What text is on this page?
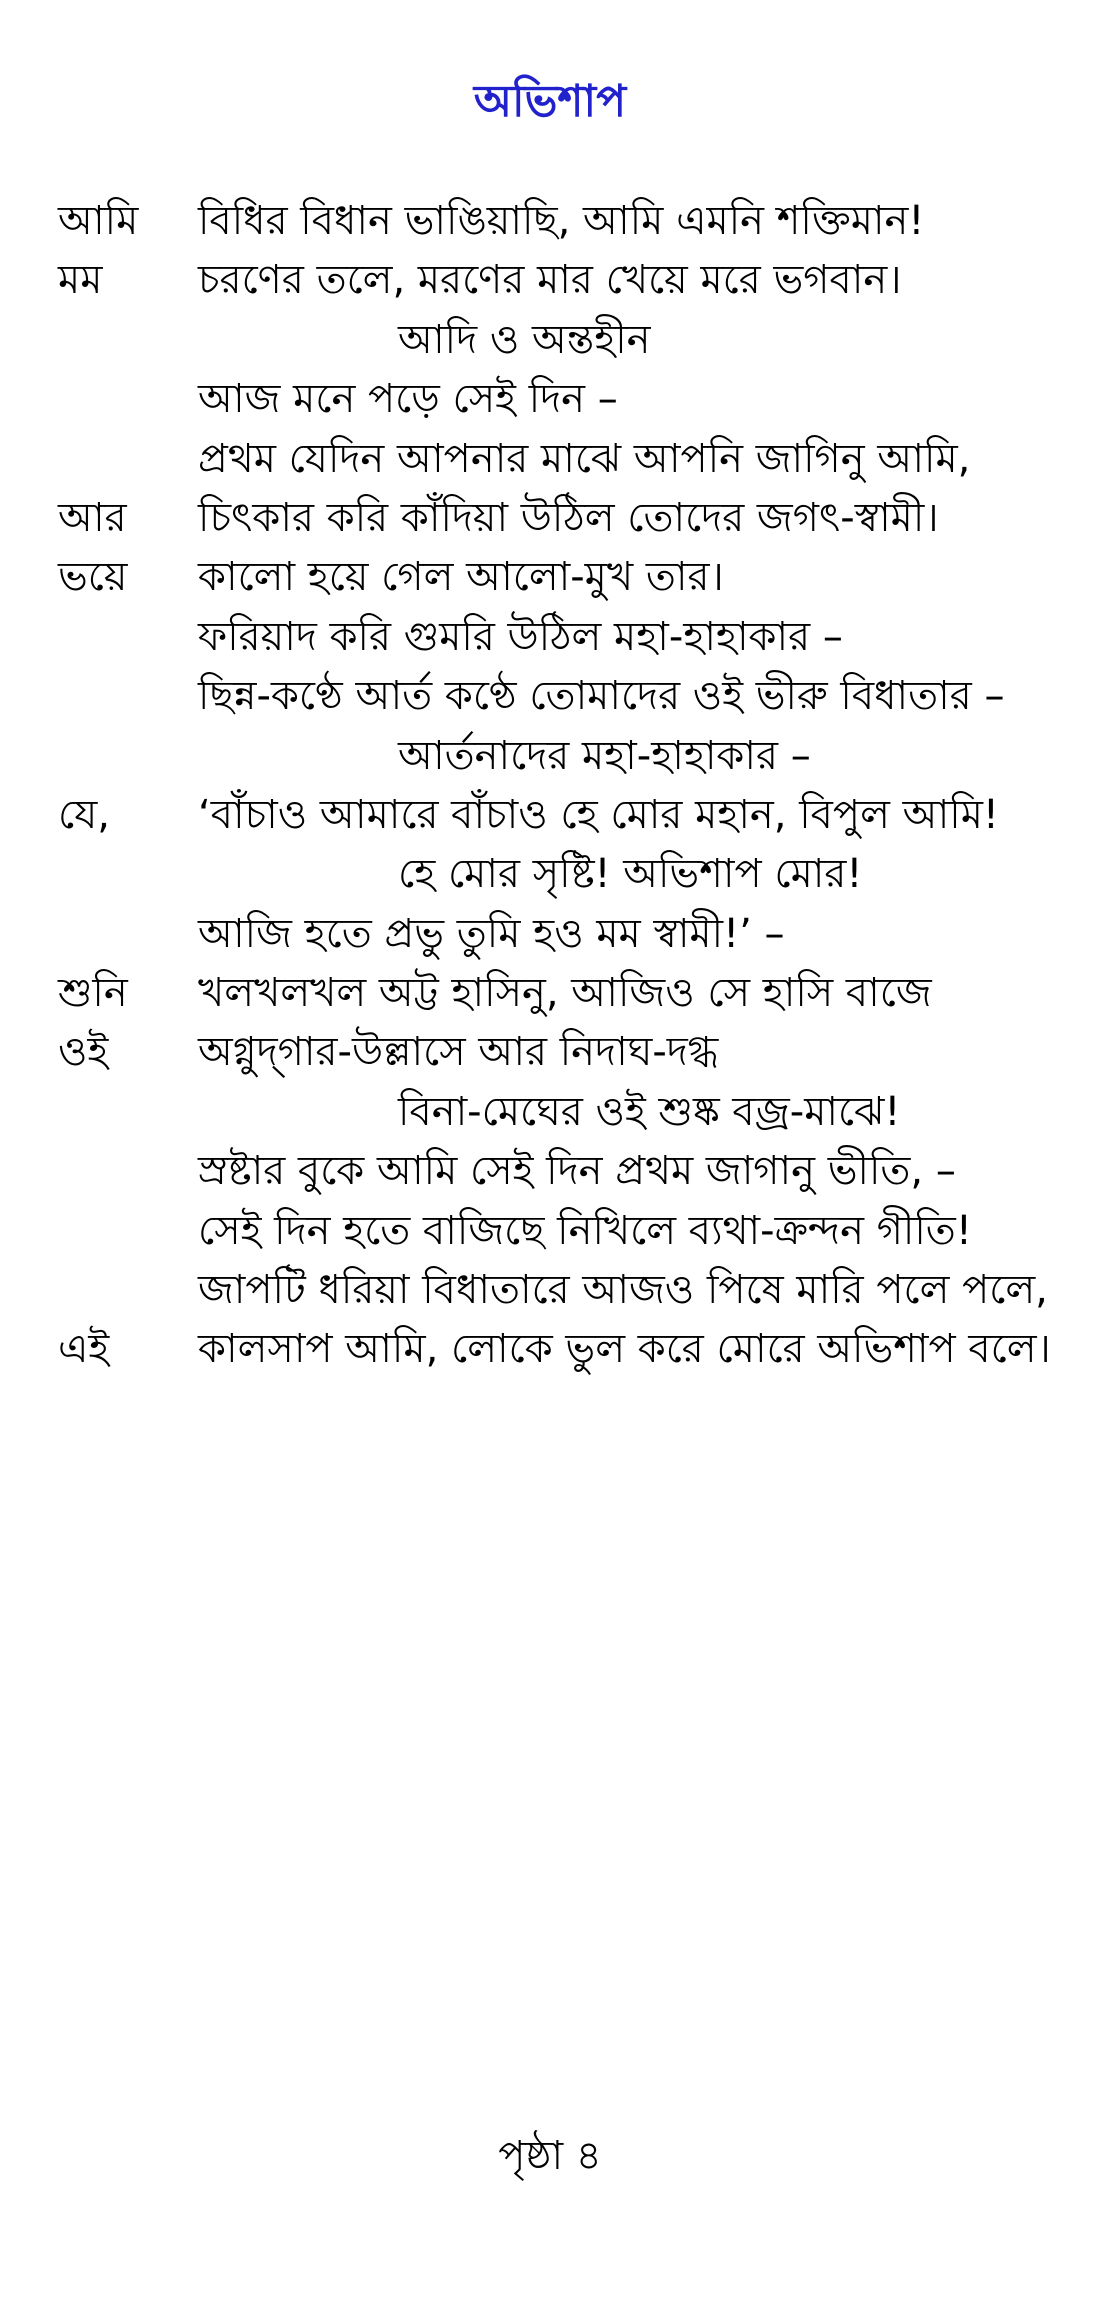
অভিশাপ
আমি বিধির বিধান ভাঙিয়াছি, আমি এমনি শক্তিমান!
মম চরণের তলে, মরণের মার খেয়ে মরে ভগবান।
আদি ও অন্তহীন
আজ মনে পড়ে সেই দিন –
প্রথম যেদিন আপনার মাঝে আপনি জাগিনু আমি,
আর চিৎকার করি কাঁদিয়া উঠিল তোদের জগৎ-স্বামী।
ভয়ে কালো হয়ে গেল আলো-মুখ তার।
ফরিয়াদ করি গুমরি উঠিল মহা-হাহাকার –
ছিন্ন-কণ্ঠে আর্ত কণ্ঠে তোমাদের ওই ভীরু বিধাতার –
আর্তনাদের মহা-হাহাকার –
যে, ‘বাঁচাও আমারে বাঁচাও হে মোর মহান, বিপুল আমি!
হে মোর সৃষ্টি! অভিশাপ মোর!
আজি হতে প্রভু তুমি হও মম স্বামী!’ –
শুনি খলখলখল অট্ট হাসিনু, আজিও সে হাসি বাজে
ওই অগ্নুদ্‌গার-উল্লাসে আর নিদাঘ-দগ্ধ
বিনা-মেঘের ওই শুষ্ক বজ্র-মাঝে!
স্রষ্টার বুকে আমি সেই দিন প্রথম জাগানু ভীতি, –
সেই দিন হতে বাজিছে নিখিলে ব্যথা-ক্রন্দন গীতি!
জাপটি ধরিয়া বিধাতারে আজও পিষে মারি পলে পলে,
এই কালসাপ আমি, লোকে ভুল করে মোরে অভিশাপ বলে।
পৃষ্ঠা ৪
